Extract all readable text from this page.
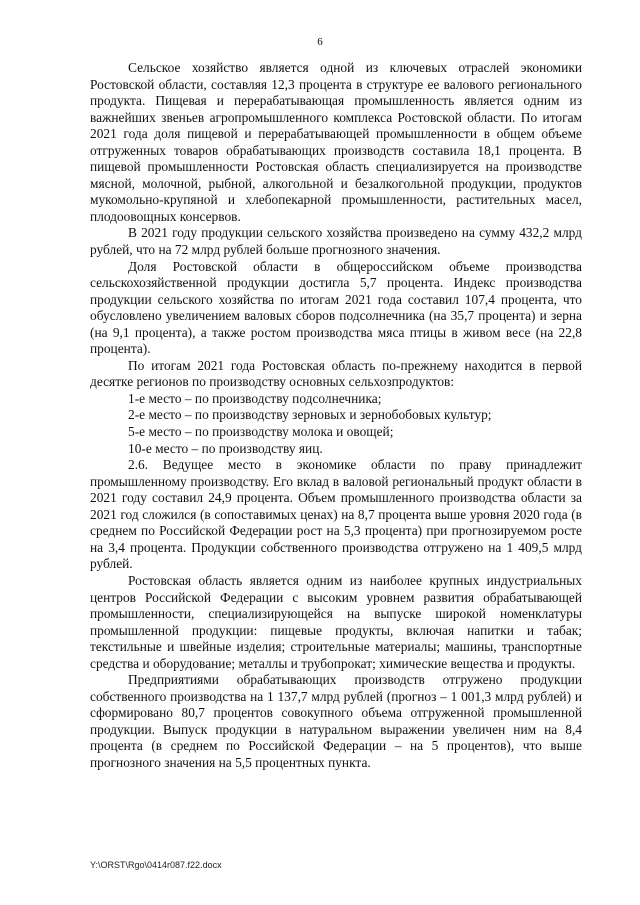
6

Сельское хозяйство является одной из ключевых отраслей экономики Ростовской области, составляя 12,3 процента в структуре ее валового регионального продукта. Пищевая и перерабатывающая промышленность является одним из важнейших звеньев агропромышленного комплекса Ростовской области. По итогам 2021 года доля пищевой и перерабатывающей промышленности в общем объеме отгруженных товаров обрабатывающих производств составила 18,1 процента. В пищевой промышленности Ростовская область специализируется на производстве мясной, молочной, рыбной, алкогольной и безалкогольной продукции, продуктов мукомольно-крупяной и хлебопекарной промышленности, растительных масел, плодоовощных консервов.

В 2021 году продукции сельского хозяйства произведено на сумму 432,2 млрд рублей, что на 72 млрд рублей больше прогнозного значения.

Доля Ростовской области в общероссийском объеме производства сельскохозяйственной продукции достигла 5,7 процента. Индекс производства продукции сельского хозяйства по итогам 2021 года составил 107,4 процента, что обусловлено увеличением валовых сборов подсолнечника (на 35,7 процента) и зерна (на 9,1 процента), а также ростом производства мяса птицы в живом весе (на 22,8 процента).

По итогам 2021 года Ростовская область по-прежнему находится в первой десятке регионов по производству основных сельхозпродуктов:

1-е место – по производству подсолнечника;

2-е место – по производству зерновых и зернобобовых культур;

5-е место – по производству молока и овощей;

10-е место – по производству яиц.

2.6. Ведущее место в экономике области по праву принадлежит промышленному производству. Его вклад в валовой региональный продукт области в 2021 году составил 24,9 процента. Объем промышленного производства области за 2021 год сложился (в сопоставимых ценах) на 8,7 процента выше уровня 2020 года (в среднем по Российской Федерации рост на 5,3 процента) при прогнозируемом росте на 3,4 процента. Продукции собственного производства отгружено на 1 409,5 млрд рублей.

Ростовская область является одним из наиболее крупных индустриальных центров Российской Федерации с высоким уровнем развития обрабатывающей промышленности, специализирующейся на выпуске широкой номенклатуры промышленной продукции: пищевые продукты, включая напитки и табак; текстильные и швейные изделия; строительные материалы; машины, транспортные средства и оборудование; металлы и трубопрокат; химические вещества и продукты.

Предприятиями обрабатывающих производств отгружено продукции собственного производства на 1 137,7 млрд рублей (прогноз – 1 001,3 млрд рублей) и сформировано 80,7 процентов совокупного объема отгруженной промышленной продукции. Выпуск продукции в натуральном выражении увеличен ним на 8,4 процента (в среднем по Российской Федерации – на 5 процентов), что выше прогнозного значения на 5,5 процентных пункта.

Y:\ORST\Rgo\0414r087.f22.docx
